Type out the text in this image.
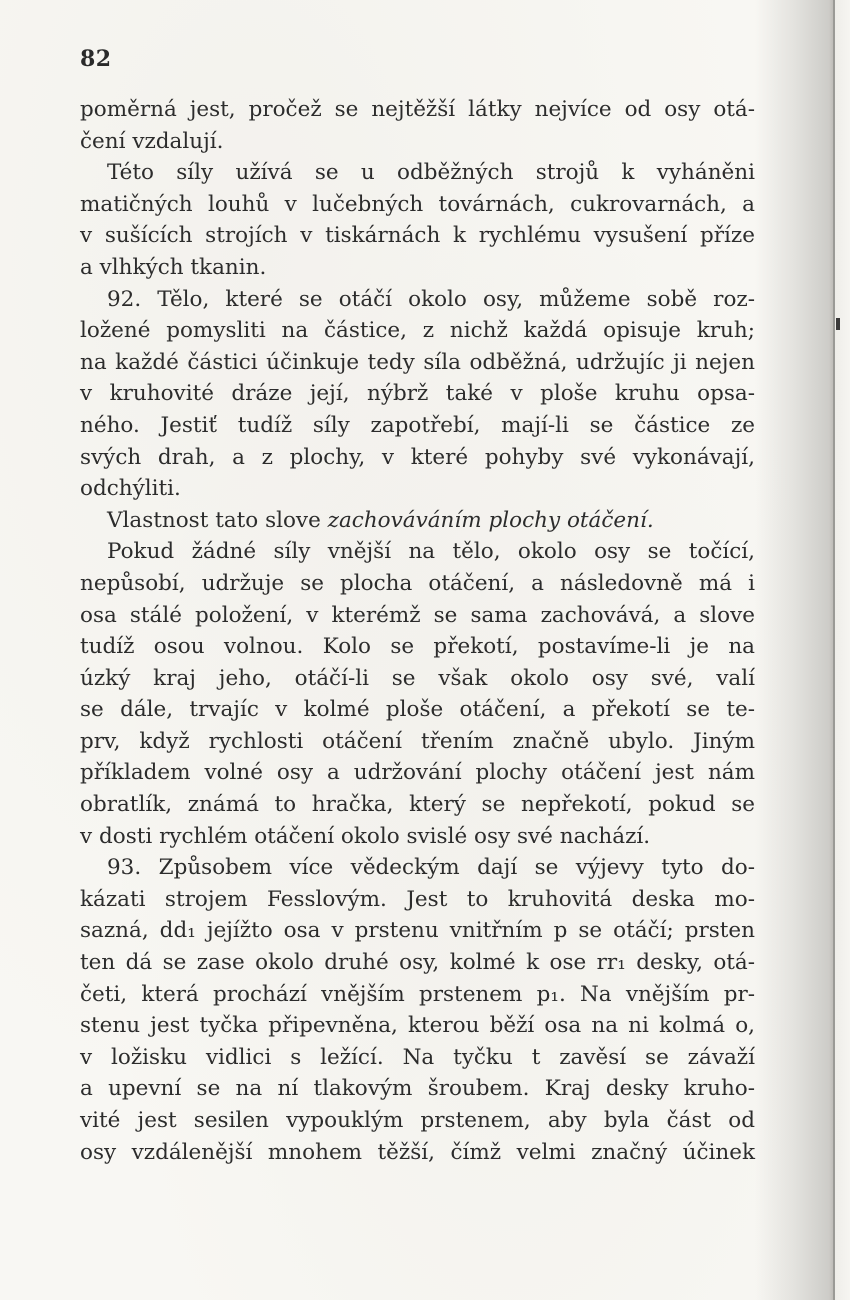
82
poměrná jest, pročež se nejtěžší látky nejvíce od osy otá-
čení vzdalují.
Této síly užívá se u odběžných strojů k vyháněni
matičných louhů v lučebných továrnách, cukrovarnách, a
v sušících strojích v tiskárnách k rychlému vysušení příze
a vlhkých tkanin.
92. Tělo, které se otáčí okolo osy, můžeme sobě roz-
ložené pomysliti na částice, z nichž každá opisuje kruh;
na každé částici účinkuje tedy síla odběžná, udržujíc ji nejen
v kruhovité dráze její, nýbrž také v ploše kruhu opsa-
ného. Jestiť tudíž síly zapotřebí, mají-li se částice ze
svých drah, a z plochy, v které pohyby své vykonávají,
odchýliti.
Vlastnost tato slove zachováváním plochy otáčení.
Pokud žádné síly vnější na tělo, okolo osy se točící,
nepůsobí, udržuje se plocha otáčení, a následovně má i
osa stálé položení, v kterémž se sama zachovává, a slove
tudíž osou volnou. Kolo se překotí, postavíme-li je na
úzký kraj jeho, otáčí-li se však okolo osy své, valí
se dále, trvajíc v kolmé ploše otáčení, a překotí se te-
prv, když rychlosti otáčení třením značně ubylo. Jiným
příkladem volné osy a udržování plochy otáčení jest nám
obratlík, známá to hračka, který se nepřekotí, pokud se
v dosti rychlém otáčení okolo svislé osy své nachází.
93. Způsobem více vědeckým dají se výjevy tyto do-
kázati strojem Fesslovým. Jest to kruhovitá deska mo-
sazná, dd₁ jejížto osa v prstenu vnitřním p se otáčí; prsten
ten dá se zase okolo druhé osy, kolmé k ose rr₁ desky, otá-
četi, která prochází vnějším prstenem p₁. Na vnějším pr-
stenu jest tyčka připevněna, kterou běží osa na ni kolmá o,
v ložisku vidlici s ležící. Na tyčku t zavěsí se závaží
a upevní se na ní tlakovým šroubem. Kraj desky kruho-
vité jest sesilen vypouklým prstenem, aby byla část od
osy vzdálenější mnohem těžší, čímž velmi značný účinek
